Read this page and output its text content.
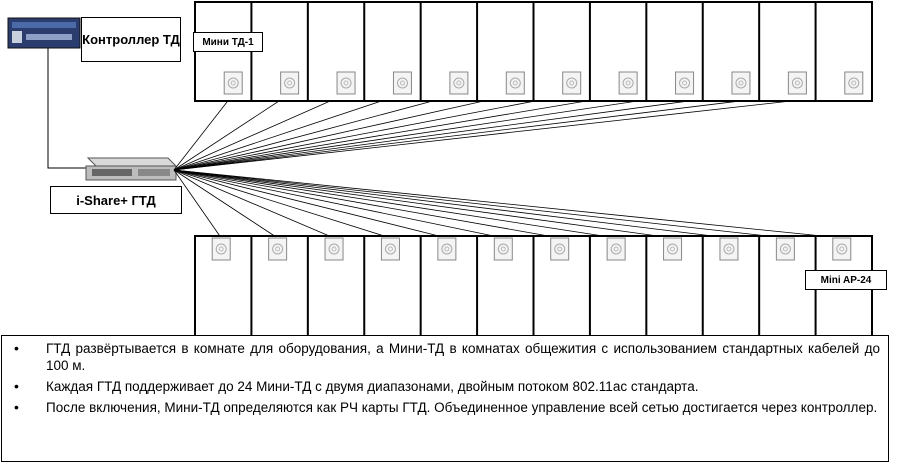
Контроллер ТД
i-Share+ ГТД
Мини ТД-1
Mini AP-24
• ГТД развёртывается в комнате для оборудования, а Мини-ТД в комнатах общежития с использованием стандартных кабелей до 100 м.
• Каждая ГТД поддерживает до 24 Мини-ТД с двумя диапазонами, двойным потоком 802.11ac стандарта.
• После включения, Мини-ТД определяются как РЧ карты ГТД. Объединенное управление всей сетью достигается через контроллер.
